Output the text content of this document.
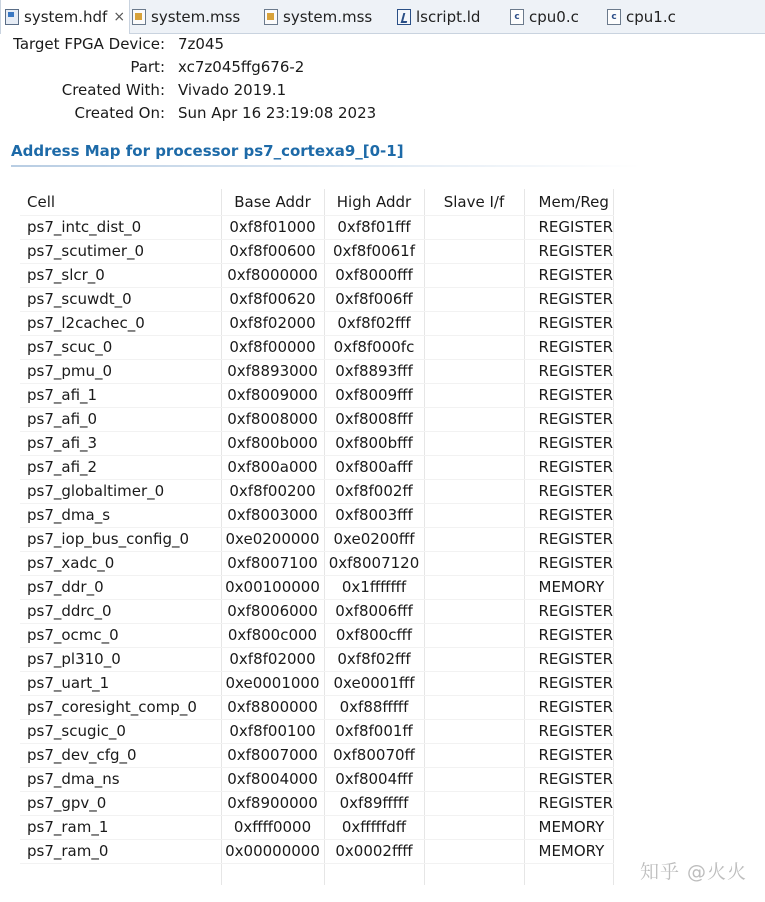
system.hdf × system.mss	system.mss	lscript.ld	c cpu0.c	c cpu1.c
Target FPGA Device: 7z045
Part: xc7z045ffg676-2
Created With: Vivado 2019.1
Created On: Sun Apr 16 23:19:08 2023
Address Map for processor ps7_cortexa9_[0-1]
Cell	Base Addr	High Addr	Slave I/f	Mem/Reg
ps7_intc_dist_0	0xf8f01000	0xf8f01fff		REGISTER
ps7_scutimer_0	0xf8f00600	0xf8f0061f		REGISTER
ps7_slcr_0	0xf8000000	0xf8000fff		REGISTER
ps7_scuwdt_0	0xf8f00620	0xf8f006ff		REGISTER
ps7_l2cachec_0	0xf8f02000	0xf8f02fff		REGISTER
ps7_scuc_0	0xf8f00000	0xf8f000fc		REGISTER
ps7_pmu_0	0xf8893000	0xf8893fff		REGISTER
ps7_afi_1	0xf8009000	0xf8009fff		REGISTER
ps7_afi_0	0xf8008000	0xf8008fff		REGISTER
ps7_afi_3	0xf800b000	0xf800bfff		REGISTER
ps7_afi_2	0xf800a000	0xf800afff		REGISTER
ps7_globaltimer_0	0xf8f00200	0xf8f002ff		REGISTER
ps7_dma_s	0xf8003000	0xf8003fff		REGISTER
ps7_iop_bus_config_0	0xe0200000	0xe0200fff		REGISTER
ps7_xadc_0	0xf8007100	0xf8007120		REGISTER
ps7_ddr_0	0x00100000	0x1fffffff		MEMORY
ps7_ddrc_0	0xf8006000	0xf8006fff		REGISTER
ps7_ocmc_0	0xf800c000	0xf800cfff		REGISTER
ps7_pl310_0	0xf8f02000	0xf8f02fff		REGISTER
ps7_uart_1	0xe0001000	0xe0001fff		REGISTER
ps7_coresight_comp_0	0xf8800000	0xf88fffff		REGISTER
ps7_scugic_0	0xf8f00100	0xf8f001ff		REGISTER
ps7_dev_cfg_0	0xf8007000	0xf80070ff		REGISTER
ps7_dma_ns	0xf8004000	0xf8004fff		REGISTER
ps7_gpv_0	0xf8900000	0xf89fffff		REGISTER
ps7_ram_1	0xffff0000	0xfffffdff		MEMORY
ps7_ram_0	0x00000000	0x0002ffff		MEMORY

知乎 @火火
